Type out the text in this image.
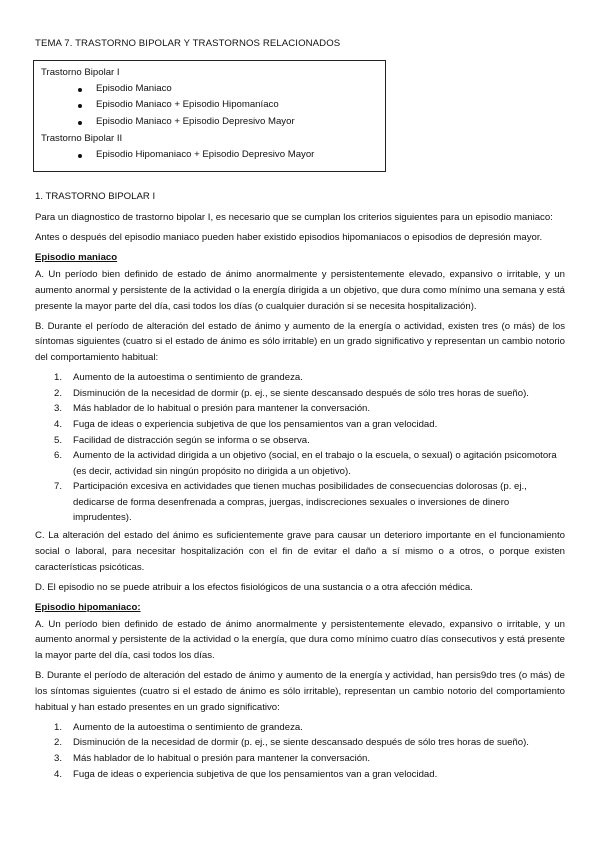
TEMA 7. TRASTORNO BIPOLAR Y TRASTORNOS RELACIONADOS
Trastorno Bipolar I
Episodio Maniaco
Episodio Maniaco + Episodio Hipomaníaco
Episodio Maniaco + Episodio Depresivo Mayor
Trastorno Bipolar II
Episodio Hipomaniaco + Episodio Depresivo Mayor
1. TRASTORNO BIPOLAR I

Para un diagnostico de trastorno bipolar I, es necesario que se cumplan los criterios siguientes para un episodio maniaco:

Antes o después del episodio maniaco pueden haber existido episodios hipomaniacos o episodios de depresión mayor.

Episodio maniaco

A. Un período bien definido de estado de ánimo anormalmente y persistentemente elevado, expansivo o irritable, y un aumento anormal y persistente de la actividad o la energía dirigida a un objetivo, que dura como mínimo una semana y está presente la mayor parte del día, casi todos los días (o cualquier duración si se necesita hospitalización).

B. Durante el período de alteración del estado de ánimo y aumento de la energía o actividad, existen tres (o más) de los síntomas siguientes (cuatro si el estado de ánimo es sólo irritable) en un grado significativo y representan un cambio notorio del comportamiento habitual:

1. Aumento de la autoestima o sentimiento de grandeza.
2. Disminución de la necesidad de dormir (p. ej., se siente descansado después de sólo tres horas de sueño).
3. Más hablador de lo habitual o presión para mantener la conversación.
4. Fuga de ideas o experiencia subjetiva de que los pensamientos van a gran velocidad.
5. Facilidad de distracción según se informa o se observa.
6. Aumento de la actividad dirigida a un objetivo (social, en el trabajo o la escuela, o sexual) o agitación psicomotora (es decir, actividad sin ningún propósito no dirigida a un objetivo).
7. Participación excesiva en actividades que tienen muchas posibilidades de consecuencias dolorosas (p. ej., dedicarse de forma desenfrenada a compras, juergas, indiscreciones sexuales o inversiones de dinero imprudentes).

C. La alteración del estado del ánimo es suficientemente grave para causar un deterioro importante en el funcionamiento social o laboral, para necesitar hospitalización con el fin de evitar el daño a sí mismo o a otros, o porque existen características psicóticas.

D. El episodio no se puede atribuir a los efectos fisiológicos de una sustancia o a otra afección médica.

Episodio hipomaniaco:

A. Un período bien definido de estado de ánimo anormalmente y persistentemente elevado, expansivo o irritable, y un aumento anormal y persistente de la actividad o la energía, que dura como mínimo cuatro días consecutivos y está presente la mayor parte del día, casi todos los días.

B. Durante el período de alteración del estado de ánimo y aumento de la energía y actividad, han persis9do tres (o más) de los síntomas siguientes (cuatro si el estado de ánimo es sólo irritable), representan un cambio notorio del comportamiento habitual y han estado presentes en un grado significativo:

1. Aumento de la autoestima o sentimiento de grandeza.
2. Disminución de la necesidad de dormir (p. ej., se siente descansado después de sólo tres horas de sueño).
3. Más hablador de lo habitual o presión para mantener la conversación.
4. Fuga de ideas o experiencia subjetiva de que los pensamientos van a gran velocidad.
